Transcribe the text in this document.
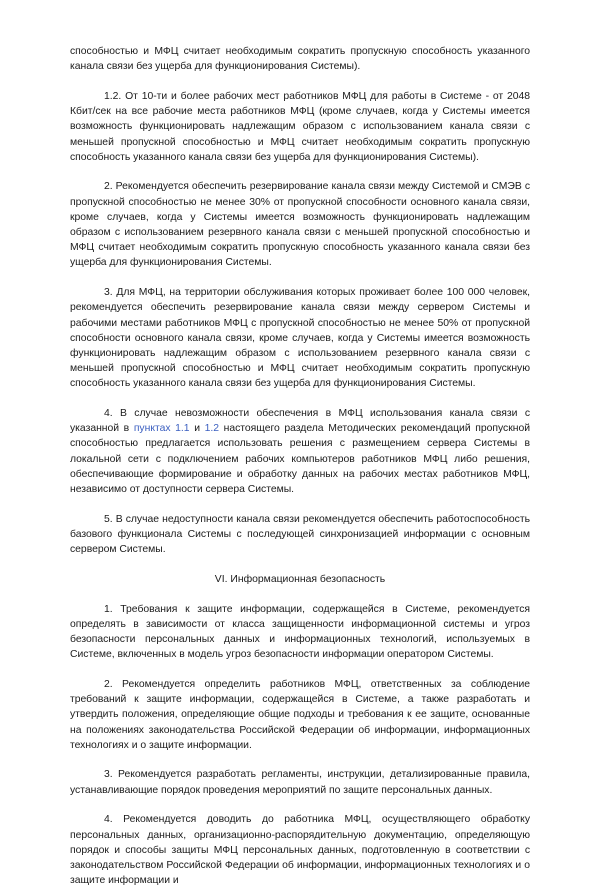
способностью и МФЦ считает необходимым сократить пропускную способность указанного канала связи без ущерба для функционирования Системы).

1.2. От 10-ти и более рабочих мест работников МФЦ для работы в Системе - от 2048 Кбит/сек на все рабочие места работников МФЦ (кроме случаев, когда у Системы имеется возможность функционировать надлежащим образом с использованием канала связи с меньшей пропускной способностью и МФЦ считает необходимым сократить пропускную способность указанного канала связи без ущерба для функционирования Системы).

2. Рекомендуется обеспечить резервирование канала связи между Системой и СМЭВ с пропускной способностью не менее 30% от пропускной способности основного канала связи, кроме случаев, когда у Системы имеется возможность функционировать надлежащим образом с использованием резервного канала связи с меньшей пропускной способностью и МФЦ считает необходимым сократить пропускную способность указанного канала связи без ущерба для функционирования Системы.

3. Для МФЦ, на территории обслуживания которых проживает более 100 000 человек, рекомендуется обеспечить резервирование канала связи между сервером Системы и рабочими местами работников МФЦ с пропускной способностью не менее 50% от пропускной способности основного канала связи, кроме случаев, когда у Системы имеется возможность функционировать надлежащим образом с использованием резервного канала связи с меньшей пропускной способностью и МФЦ считает необходимым сократить пропускную способность указанного канала связи без ущерба для функционирования Системы.

4. В случае невозможности обеспечения в МФЦ использования канала связи с указанной в пунктах 1.1 и 1.2 настоящего раздела Методических рекомендаций пропускной способностью предлагается использовать решения с размещением сервера Системы в локальной сети с подключением рабочих компьютеров работников МФЦ либо решения, обеспечивающие формирование и обработку данных на рабочих местах работников МФЦ, независимо от доступности сервера Системы.

5. В случае недоступности канала связи рекомендуется обеспечить работоспособность базового функционала Системы с последующей синхронизацией информации с основным сервером Системы.

VI. Информационная безопасность

1. Требования к защите информации, содержащейся в Системе, рекомендуется определять в зависимости от класса защищенности информационной системы и угроз безопасности персональных данных и информационных технологий, используемых в Системе, включенных в модель угроз безопасности информации оператором Системы.

2. Рекомендуется определить работников МФЦ, ответственных за соблюдение требований к защите информации, содержащейся в Системе, а также разработать и утвердить положения, определяющие общие подходы и требования к ее защите, основанные на положениях законодательства Российской Федерации об информации, информационных технологиях и о защите информации.

3. Рекомендуется разработать регламенты, инструкции, детализированные правила, устанавливающие порядок проведения мероприятий по защите персональных данных.

4. Рекомендуется доводить до работника МФЦ, осуществляющего обработку персональных данных, организационно-распорядительную документацию, определяющую порядок и способы защиты МФЦ персональных данных, подготовленную в соответствии с законодательством Российской Федерации об информации, информационных технологиях и о защите информации и
